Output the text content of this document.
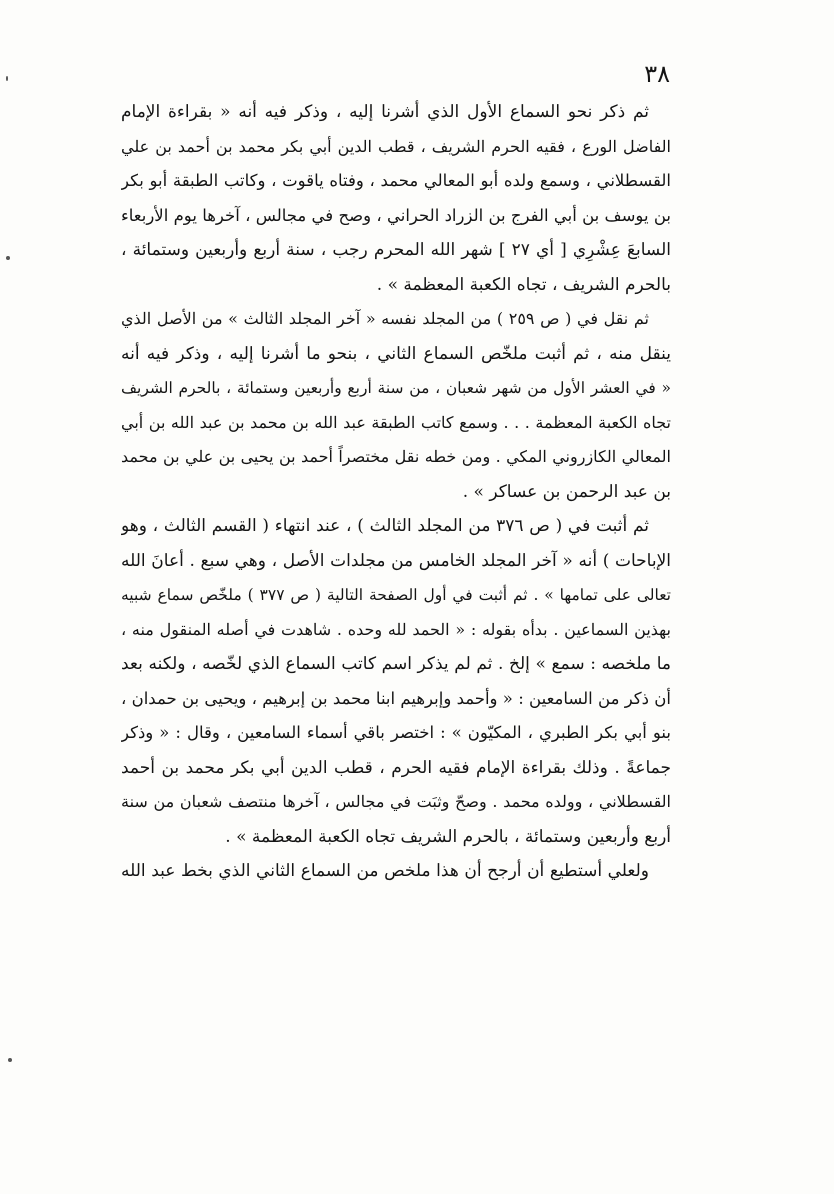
٣٨
ثم ذكر نحو السماع الأول الذي أشرنا إليه ، وذكر فيه أنه « بقراءة الإمام
الفاضل الورع ، فقيه الحرم الشريف ، قطب الدين أبي بكر محمد بن أحمد بن علي
القسطلاني ، وسمع ولده أبو المعالي محمد ، وفتاه ياقوت ، وكاتب الطبقة أبو بكر
بن يوسف بن أبي الفرج بن الزراد الحراني ، وصح في مجالس ، آخرها يوم الأربعاء
السابعَ عِشْرِي [ أي ٢٧ ] شهر الله المحرم رجب ، سنة أربع وأربعين وستمائة ،
بالحرم الشريف ، تجاه الكعبة المعظمة » .
ثم نقل في ( ص ٢٥٩ ) من المجلد نفسه « آخر المجلد الثالث » من الأصل الذي
ينقل منه ، ثم أثبت ملخّص السماع الثاني ، بنحو ما أشرنا إليه ، وذكر فيه أنه
« في العشر الأول من شهر شعبان ، من سنة أربع وأربعين وستمائة ، بالحرم الشريف
تجاه الكعبة المعظمة . . . وسمع كاتب الطبقة عبد الله بن محمد بن عبد الله بن أبي
المعالي الكازروني المكي . ومن خطه نقل مختصراً أحمد بن يحيى بن علي بن محمد
بن عبد الرحمن بن عساكر » .
ثم أثبت في ( ص ٣٧٦ من المجلد الثالث ) ، عند انتهاء ( القسم الثالث ، وهو
الإباحات ) أنه « آخر المجلد الخامس من مجلدات الأصل ، وهي سبع . أعانَ الله
تعالى على تمامها » . ثم أثبت في أول الصفحة التالية ( ص ٣٧٧ ) ملخّص سماع شبيه
بهذين السماعين . بدأه بقوله : « الحمد لله وحده . شاهدت في أصله المنقول منه ،
ما ملخصه : سمع » إلخ . ثم لم يذكر اسم كاتب السماع الذي لخّصه ، ولكنه بعد
أن ذكر من السامعين : « وأحمد وإبرهيم ابنا محمد بن إبرهيم ، ويحيى بن حمدان ،
بنو أبي بكر الطبري ، المكيّون » : اختصر باقي أسماء السامعين ، وقال : « وذكر
جماعةً . وذلك بقراءة الإمام فقيه الحرم ، قطب الدين أبي بكر محمد بن أحمد
القسطلاني ، وولده محمد . وصحّ وثبَت في مجالس ، آخرها منتصف شعبان من سنة
أربع وأربعين وستمائة ، بالحرم الشريف تجاه الكعبة المعظمة » .
ولعلي أستطيع أن أرجح أن هذا ملخص من السماع الثاني الذي بخط عبد الله
